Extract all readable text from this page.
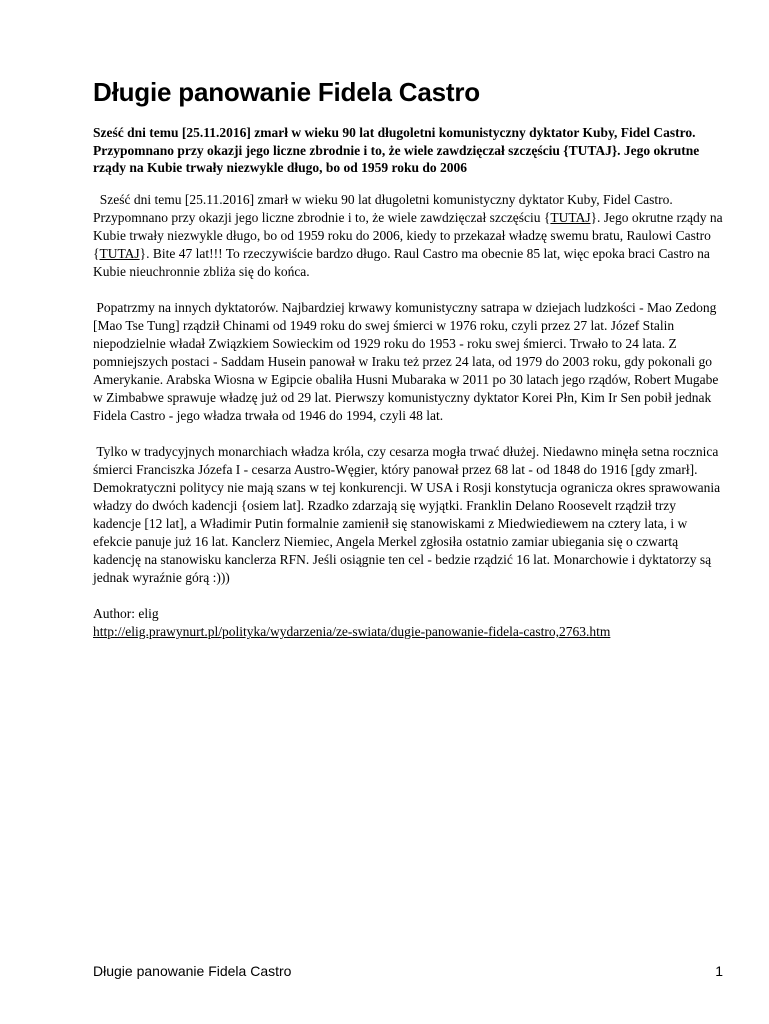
Długie panowanie Fidela Castro

Sześć dni temu [25.11.2016] zmarł w wieku 90 lat długoletni komunistyczny dyktator Kuby, Fidel Castro. Przypomnano przy okazji jego liczne zbrodnie i to, że wiele zawdzięczał szczęściu {TUTAJ}. Jego okrutne rządy na Kubie trwały niezwykle długo, bo od 1959 roku do 2006

Sześć dni temu [25.11.2016] zmarł w wieku 90 lat długoletni komunistyczny dyktator Kuby, Fidel Castro. Przypomnano przy okazji jego liczne zbrodnie i to, że wiele zawdzięczał szczęściu {TUTAJ}. Jego okrutne rządy na Kubie trwały niezwykle długo, bo od 1959 roku do 2006, kiedy to przekazał władzę swemu bratu, Raulowi Castro {TUTAJ}. Bite 47 lat!!! To rzeczywiście bardzo długo. Raul Castro ma obecnie 85 lat, więc epoka braci Castro na Kubie nieuchronnie zbliża się do końca.

Popatrzmy na innych dyktatorów. Najbardziej krwawy komunistyczny satrapa w dziejach ludzkości - Mao Zedong [Mao Tse Tung] rządził Chinami od 1949 roku do swej śmierci w 1976 roku, czyli przez 27 lat. Józef Stalin niepodzielnie władał Związkiem Sowieckim od 1929 roku do 1953 - roku swej śmierci. Trwało to 24 lata. Z pomniejszych postaci - Saddam Husein panował w Iraku też przez 24 lata, od 1979 do 2003 roku, gdy pokonali go Amerykanie. Arabska Wiosna w Egipcie obaliła Husni Mubaraka w 2011 po 30 latach jego rządów, Robert Mugabe w Zimbabwe sprawuje władzę już od 29 lat. Pierwszy komunistyczny dyktator Korei Płn, Kim Ir Sen pobił jednak Fidela Castro - jego władza trwała od 1946 do 1994, czyli 48 lat.

Tylko w tradycyjnych monarchiach władza króla, czy cesarza mogła trwać dłużej. Niedawno minęła setna rocznica śmierci Franciszka Józefa I - cesarza Austro-Węgier, który panował przez 68 lat - od 1848 do 1916 [gdy zmarł]. Demokratyczni politycy nie mają szans w tej konkurencji. W USA i Rosji konstytucja ogranicza okres sprawowania władzy do dwóch kadencji {osiem lat]. Rzadko zdarzają się wyjątki. Franklin Delano Roosevelt rządził trzy kadencje [12 lat], a Władimir Putin formalnie zamienił się stanowiskami z Miedwiediewem na cztery lata, i w efekcie panuje już 16 lat. Kanclerz Niemiec, Angela Merkel zgłosiła ostatnio zamiar ubiegania się o czwartą kadencję na stanowisku kanclerza RFN. Jeśli osiągnie ten cel - bedzie rządzić 16 lat. Monarchowie i dyktatorzy są jednak wyraźnie górą :)))

Author: elig
http://elig.prawynurt.pl/polityka/wydarzenia/ze-swiata/dugie-panowanie-fidela-castro,2763.htm
Długie panowanie Fidela Castro	1
